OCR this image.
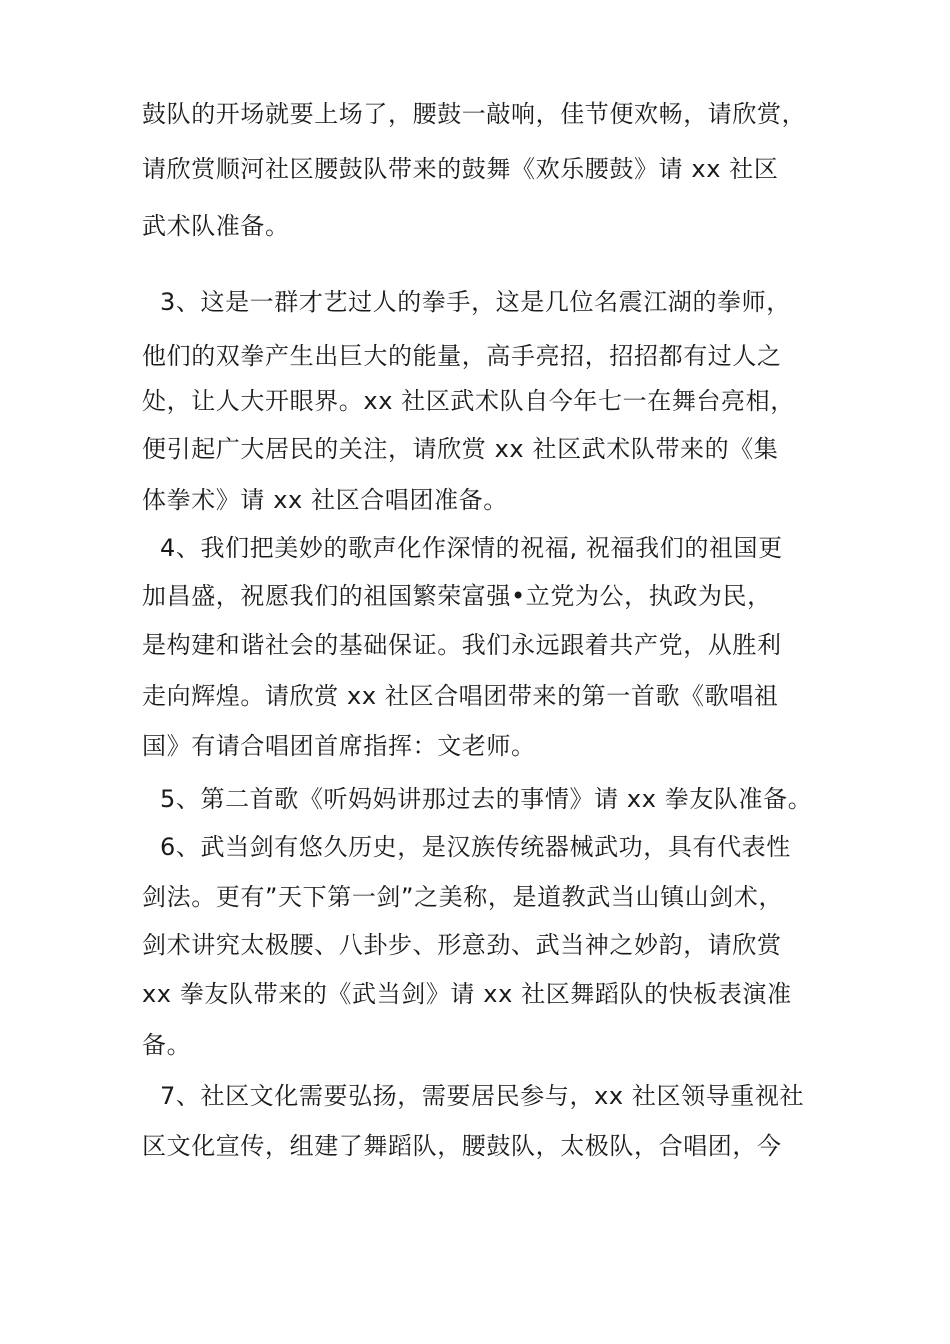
鼓队的开场就要上场了，腰鼓一敲响，佳节便欢畅，请欣赏，
请欣赏顺河社区腰鼓队带来的鼓舞《欢乐腰鼓》请 xx 社区
武术队准备。
3、这是一群才艺过人的拳手，这是几位名震江湖的拳师，
他们的双拳产生出巨大的能量，高手亮招，招招都有过人之
处，让人大开眼界。xx 社区武术队自今年七一在舞台亮相，
便引起广大居民的关注，请欣赏 xx 社区武术队带来的《集
体拳术》请 xx 社区合唱团准备。
4、我们把美妙的歌声化作深情的祝福, 祝福我们的祖国更
加昌盛，祝愿我们的祖国繁荣富强•立党为公，执政为民，
是构建和谐社会的基础保证。我们永远跟着共产党，从胜利
走向辉煌。请欣赏 xx 社区合唱团带来的第一首歌《歌唱祖
国》有请合唱团首席指挥：文老师。
5、第二首歌《听妈妈讲那过去的事情》请 xx 拳友队准备。
6、武当剑有悠久历史，是汉族传统器械武功，具有代表性
剑法。更有”天下第一剑”之美称，是道教武当山镇山剑术，
剑术讲究太极腰、八卦步、形意劲、武当神之妙韵，请欣赏
xx 拳友队带来的《武当剑》请 xx 社区舞蹈队的快板表演准
备。
7、社区文化需要弘扬，需要居民参与，xx 社区领导重视社
区文化宣传，组建了舞蹈队，腰鼓队，太极队，合唱团，今
